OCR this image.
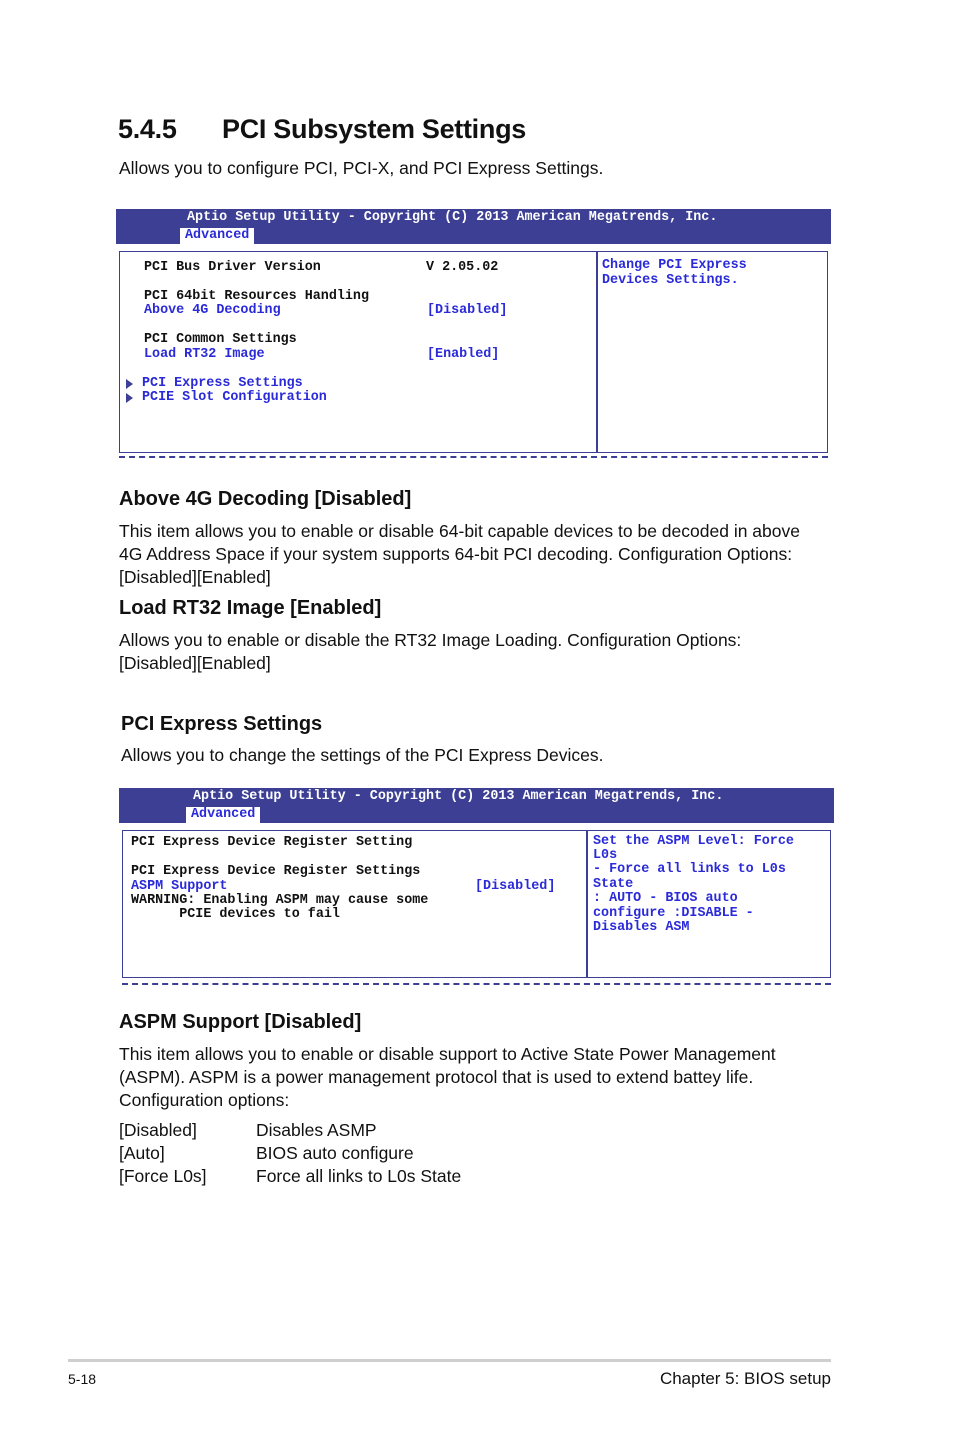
5.4.5 PCI Subsystem Settings
Allows you to configure PCI, PCI-X, and PCI Express Settings.
Aptio Setup Utility - Copyright (C) 2013 American Megatrends, Inc.
Advanced
PCI Bus Driver Version	V 2.05.02
PCI 64bit Resources Handling
Above 4G Decoding	[Disabled]
PCI Common Settings
Load RT32 Image	[Enabled]
PCI Express Settings
PCIE Slot Configuration
Change PCI Express
Devices Settings.
Above 4G Decoding [Disabled]
This item allows you to enable or disable 64-bit capable devices to be decoded in above 4G Address Space if your system supports 64-bit PCI decoding. Configuration Options: [Disabled][Enabled]
Load RT32 Image [Enabled]
Allows you to enable or disable the RT32 Image Loading. Configuration Options: [Disabled][Enabled]
PCI Express Settings
Allows you to change the settings of the PCI Express Devices.
Aptio Setup Utility - Copyright (C) 2013 American Megatrends, Inc.
Advanced
PCI Express Device Register Setting
PCI Express Device Register Settings
ASPM Support	[Disabled]
WARNING: Enabling ASPM may cause some
PCIE devices to fail
Set the ASPM Level: Force
L0s
- Force all links to L0s
State
: AUTO - BIOS auto
configure :DISABLE -
Disables ASM
ASPM Support [Disabled]
This item allows you to enable or disable support to Active State Power Management (ASPM). ASPM is a power management protocol that is used to extend battey life. Configuration options:
[Disabled]	Disables ASMP
[Auto]	BIOS auto configure
[Force L0s]	Force all links to L0s State
5-18	Chapter 5: BIOS setup
